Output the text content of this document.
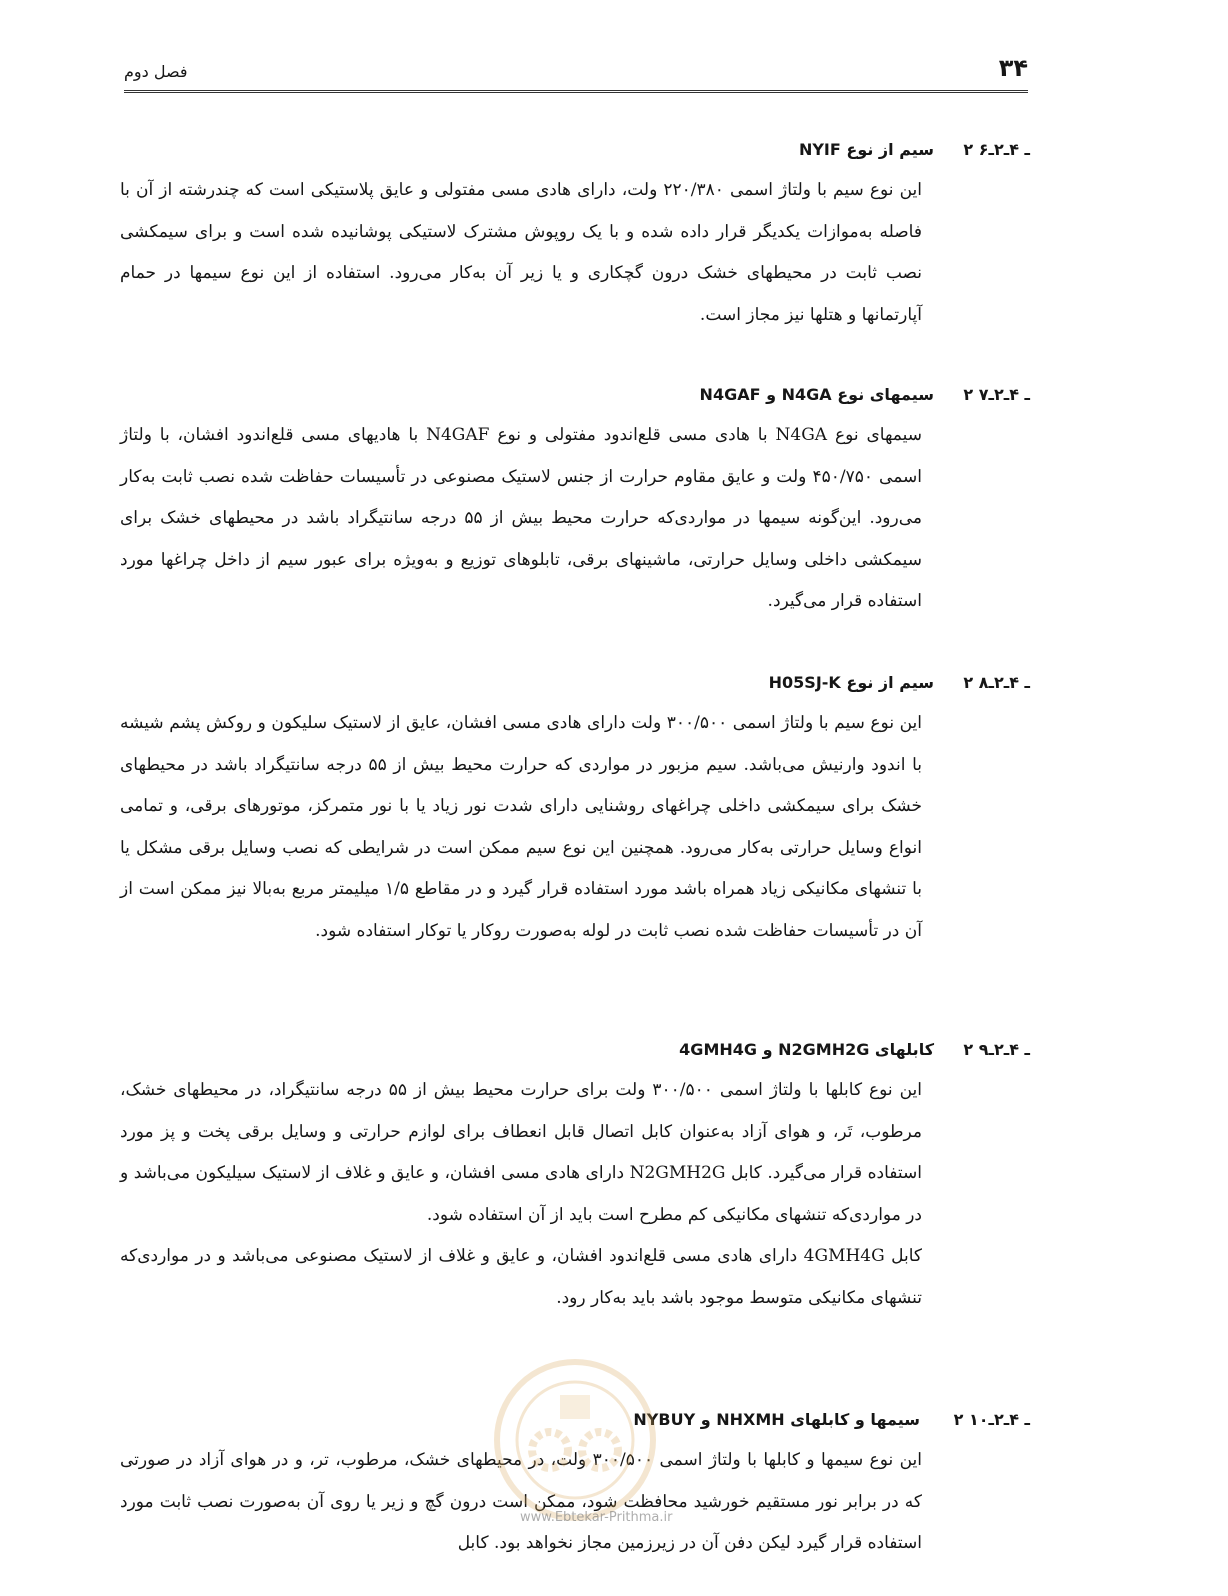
۳۴
فصل دوم
۲ ـ ۴ـ۲ـ۶
سیم از نوع NYIF

این نوع سیم با ولتاژ اسمی ۲۲۰/۳۸۰ ولت، دارای هادی مسی مفتولی و عایق پلاستیکی است که چندرشته از آن با فاصله به‌موازات یکدیگر قرار داده شده و با یک روپوش مشترک لاستیکی پوشانیده شده است و برای سیمکشی نصب ثابت در محیطهای خشک درون گچکاری و یا زیر آن به‌کار می‌رود. استفاده از این نوع سیمها در حمام آپارتمانها و هتلها نیز مجاز است.

۲ ـ ۴ـ۲ـ۷
سیمهای نوع N4GA و N4GAF

سیمهای نوع N4GA با هادی مسی قلع‌اندود مفتولی و نوع N4GAF با هادیهای مسی قلع‌اندود افشان، با ولتاژ اسمی ۴۵۰/۷۵۰ ولت و عایق مقاوم حرارت از جنس لاستیک مصنوعی در تأسیسات حفاظت شده نصب ثابت به‌کار می‌رود. این‌گونه سیمها در مواردی‌که حرارت محیط بیش از ۵۵ درجه سانتیگراد باشد در محیطهای خشک برای سیمکشی داخلی وسایل حرارتی، ماشینهای برقی، تابلوهای توزیع و به‌ویژه برای عبور سیم از داخل چراغها مورد استفاده قرار می‌گیرد.

۲ ـ ۴ـ۲ـ۸
سیم از نوع H05SJ-K

این نوع سیم با ولتاژ اسمی ۳۰۰/۵۰۰ ولت دارای هادی مسی افشان، عایق از لاستیک سلیکون و روکش پشم شیشه با اندود وارنیش می‌باشد. سیم مزبور در مواردی که حرارت محیط بیش از ۵۵ درجه سانتیگراد باشد در محیطهای خشک برای سیمکشی داخلی چراغهای روشنایی دارای شدت نور زیاد یا با نور متمرکز، موتورهای برقی، و تمامی انواع وسایل حرارتی به‌کار می‌رود. همچنین این نوع سیم ممکن است در شرایطی که نصب وسایل برقی مشکل یا با تنشهای مکانیکی زیاد همراه باشد مورد استفاده قرار گیرد و در مقاطع ۱/۵ میلیمتر مربع به‌بالا نیز ممکن است از آن در تأسیسات حفاظت شده نصب ثابت در لوله به‌صورت روکار یا توکار استفاده شود.

۲ ـ ۴ـ۲ـ۹
کابلهای N2GMH2G و 4GMH4G

این نوع کابلها با ولتاژ اسمی ۳۰۰/۵۰۰ ولت برای حرارت محیط بیش از ۵۵ درجه سانتیگراد، در محیطهای خشک، مرطوب، تَر، و هوای آزاد به‌عنوان کابل اتصال قابل انعطاف برای لوازم حرارتی و وسایل برقی پخت و پز مورد استفاده قرار می‌گیرد. کابل N2GMH2G دارای هادی مسی افشان، و عایق و غلاف از لاستیک سیلیکون می‌باشد و در مواردی‌که تنشهای مکانیکی کم مطرح است باید از آن استفاده شود.

کابل 4GMH4G دارای هادی مسی قلع‌اندود افشان، و عایق و غلاف از لاستیک مصنوعی می‌باشد و در مواردی‌که تنشهای مکانیکی متوسط موجود باشد باید به‌کار رود.

۲ ـ ۴ـ۲ـ۱۰
سیمها و کابلهای NHXMH و NYBUY

این نوع سیمها و کابلها با ولتاژ اسمی ۳۰۰/۵۰۰ ولت، در محیطهای خشک، مرطوب، تر، و در هوای آزاد در صورتی که در برابر نور مستقیم خورشید محافظت شود، ممکن است درون گچ و زیر یا روی آن به‌صورت نصب ثابت مورد استفاده قرار گیرد لیکن دفن آن در زیرزمین مجاز نخواهد بود. کابل

www.Ebtekar-Prithma.ir
